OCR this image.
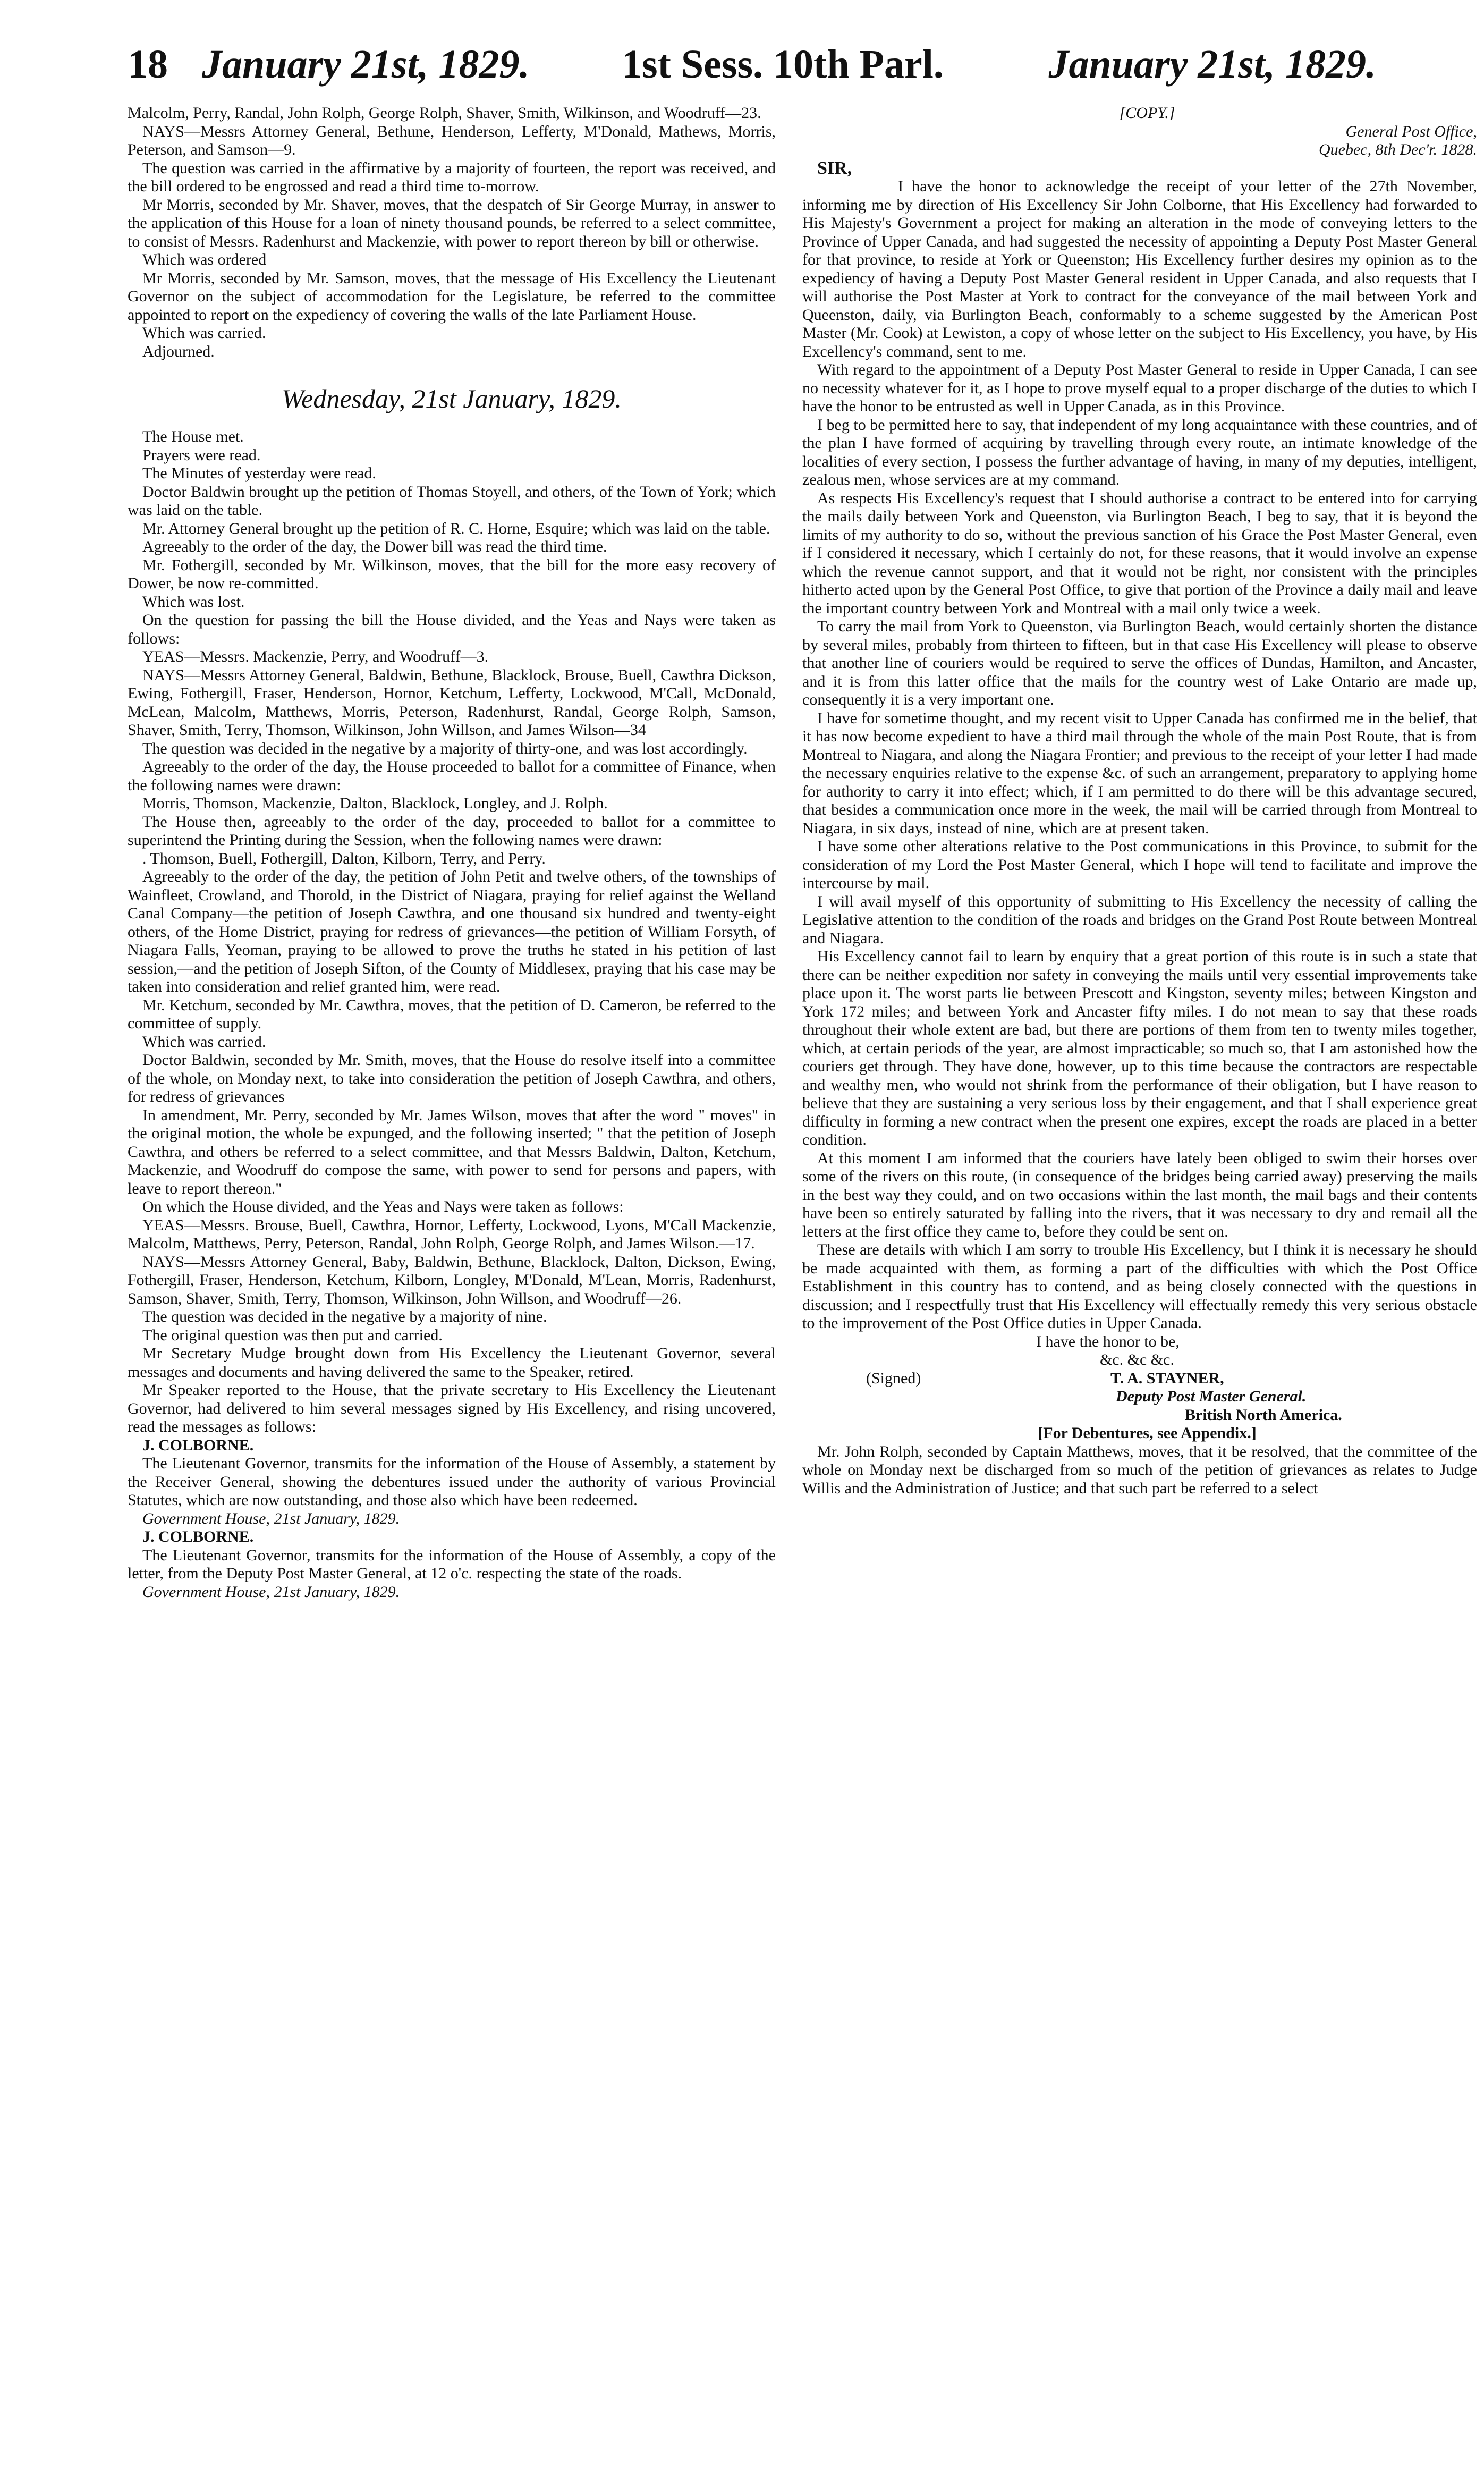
18 January 21st, 1829. 1st Sess. 10th Parl.	January 21st, 1829.

Malcolm, Perry, Randal, John Rolph, George Rolph, Shaver, Smith, Wilkinson, and Woodruff—23.

NAYS—Messrs Attorney General, Bethune, Henderson, Lefferty, M'Donald, Mathews, Morris, Peterson, and Samson—9.

The question was carried in the affirmative by a majority of fourteen, the report was received, and the bill ordered to be engrossed and read a third time to-morrow.

Mr Morris, seconded by Mr. Shaver, moves, that the despatch of Sir George Murray, in answer to the application of this House for a loan of ninety thousand pounds, be referred to a select committee, to consist of Messrs. Radenhurst and Mackenzie, with power to report thereon by bill or otherwise.

Which was ordered

Mr Morris, seconded by Mr. Samson, moves, that the message of His Excellency the Lieutenant Governor on the subject of accommodation for the Legislature, be referred to the committee appointed to report on the expediency of covering the walls of the late Parliament House.

Which was carried.

Adjourned.

Wednesday, 21st January, 1829.

The House met.

Prayers were read.

The Minutes of yesterday were read.

Doctor Baldwin brought up the petition of Thomas Stoyell, and others, of the Town of York; which was laid on the table.

Mr. Attorney General brought up the petition of R. C. Horne, Esquire; which was laid on the table.

Agreeably to the order of the day, the Dower bill was read the third time.

Mr. Fothergill, seconded by Mr. Wilkinson, moves, that the bill for the more easy recovery of Dower, be now re-committed.

Which was lost.

On the question for passing the bill the House divided, and the Yeas and Nays were taken as follows:

YEAS—Messrs. Mackenzie, Perry, and Woodruff—3.

NAYS—Messrs Attorney General, Baldwin, Bethune, Blacklock, Brouse, Buell, Cawthra Dickson, Ewing, Fothergill, Fraser, Henderson, Hornor, Ketchum, Lefferty, Lockwood, M'Call, McDonald, McLean, Malcolm, Matthews, Morris, Peterson, Radenhurst, Randal, George Rolph, Samson, Shaver, Smith, Terry, Thomson, Wilkinson, John Willson, and James Wilson—34

The question was decided in the negative by a majority of thirty-one, and was lost accordingly.

Agreeably to the order of the day, the House proceeded to ballot for a committee of Finance, when the following names were drawn:

Morris, Thomson, Mackenzie, Dalton, Blacklock, Longley, and J. Rolph.

The House then, agreeably to the order of the day, proceeded to ballot for a committee to superintend the Printing during the Session, when the following names were drawn:

. Thomson, Buell, Fothergill, Dalton, Kilborn, Terry, and Perry.

Agreeably to the order of the day, the petition of John Petit and twelve others, of the townships of Wainfleet, Crowland, and Thorold, in the District of Niagara, praying for relief against the Welland Canal Company—the petition of Joseph Cawthra, and one thousand six hundred and twenty-eight others, of the Home District, praying for redress of grievances—the petition of William Forsyth, of Niagara Falls, Yeoman, praying to be allowed to prove the truths he stated in his petition of last session,—and the petition of Joseph Sifton, of the County of Middlesex, praying that his case may be taken into consideration and relief granted him, were read.

Mr. Ketchum, seconded by Mr. Cawthra, moves, that the petition of D. Cameron, be referred to the committee of supply.

Which was carried.

Doctor Baldwin, seconded by Mr. Smith, moves, that the House do resolve itself into a committee of the whole, on Monday next, to take into consideration the petition of Joseph Cawthra, and others, for redress of grievances

In amendment, Mr. Perry, seconded by Mr. James Wilson, moves that after the word " moves" in the original motion, the whole be expunged, and the following inserted; " that the petition of Joseph Cawthra, and others be referred to a select committee, and that Messrs Baldwin, Dalton, Ketchum, Mackenzie, and Woodruff do compose the same, with power to send for persons and papers, with leave to report thereon."

On which the House divided, and the Yeas and Nays were taken as follows:

YEAS—Messrs. Brouse, Buell, Cawthra, Hornor, Lefferty, Lockwood, Lyons, M'Call Mackenzie, Malcolm, Matthews, Perry, Peterson, Randal, John Rolph, George Rolph, and James Wilson.—17.

NAYS—Messrs Attorney General, Baby, Baldwin, Bethune, Blacklock, Dalton, Dickson, Ewing, Fothergill, Fraser, Henderson, Ketchum, Kilborn, Longley, M'Donald, M'Lean, Morris, Radenhurst, Samson, Shaver, Smith, Terry, Thomson, Wilkinson, John Willson, and Woodruff—26.

The question was decided in the negative by a majority of nine.

The original question was then put and carried.

Mr Secretary Mudge brought down from His Excellency the Lieutenant Governor, several messages and documents and having delivered the same to the Speaker, retired.

Mr Speaker reported to the House, that the private secretary to His Excellency the Lieutenant Governor, had delivered to him several messages signed by His Excellency, and rising uncovered, read the messages as follows:

J. COLBORNE.

The Lieutenant Governor, transmits for the information of the House of Assembly, a statement by the Receiver General, showing the debentures issued under the authority of various Provincial Statutes, which are now outstanding, and those also which have been redeemed.

Government House, 21st January, 1829.

J. COLBORNE.

The Lieutenant Governor, transmits for the information of the House of Assembly, a copy of the letter, from the Deputy Post Master General, at 12 o'c. respecting the state of the roads.

Government House, 21st January, 1829.

[COPY.]

General Post Office,

Quebec, 8th Dec'r. 1828.

SIR,

I have the honor to acknowledge the receipt of your letter of the 27th November, informing me by direction of His Excellency Sir John Colborne, that His Excellency had forwarded to His Majesty's Government a project for making an alteration in the mode of conveying letters to the Province of Upper Canada, and had suggested the necessity of appointing a Deputy Post Master General for that province, to reside at York or Queenston; His Excellency further desires my opinion as to the expediency of having a Deputy Post Master General resident in Upper Canada, and also requests that I will authorise the Post Master at York to contract for the conveyance of the mail between York and Queenston, daily, via Burlington Beach, conformably to a scheme suggested by the American Post Master (Mr. Cook) at Lewiston, a copy of whose letter on the subject to His Excellency, you have, by His Excellency's command, sent to me.

With regard to the appointment of a Deputy Post Master General to reside in Upper Canada, I can see no necessity whatever for it, as I hope to prove myself equal to a proper discharge of the duties to which I have the honor to be entrusted as well in Upper Canada, as in this Province.

I beg to be permitted here to say, that independent of my long acquaintance with these countries, and of the plan I have formed of acquiring by travelling through every route, an intimate knowledge of the localities of every section, I possess the further advantage of having, in many of my deputies, intelligent, zealous men, whose services are at my command.

As respects His Excellency's request that I should authorise a contract to be entered into for carrying the mails daily between York and Queenston, via Burlington Beach, I beg to say, that it is beyond the limits of my authority to do so, without the previous sanction of his Grace the Post Master General, even if I considered it necessary, which I certainly do not, for these reasons, that it would involve an expense which the revenue cannot support, and that it would not be right, nor consistent with the principles hitherto acted upon by the General Post Office, to give that portion of the Province a daily mail and leave the important country between York and Montreal with a mail only twice a week.

To carry the mail from York to Queenston, via Burlington Beach, would certainly shorten the distance by several miles, probably from thirteen to fifteen, but in that case His Excellency will please to observe that another line of couriers would be required to serve the offices of Dundas, Hamilton, and Ancaster, and it is from this latter office that the mails for the country west of Lake Ontario are made up, consequently it is a very important one.

I have for sometime thought, and my recent visit to Upper Canada has confirmed me in the belief, that it has now become expedient to have a third mail through the whole of the main Post Route, that is from Montreal to Niagara, and along the Niagara Frontier; and previous to the receipt of your letter I had made the necessary enquiries relative to the expense &c. of such an arrangement, preparatory to applying home for authority to carry it into effect; which, if I am permitted to do there will be this advantage secured, that besides a communication once more in the week, the mail will be carried through from Montreal to Niagara, in six days, instead of nine, which are at present taken.

I have some other alterations relative to the Post communications in this Province, to submit for the consideration of my Lord the Post Master General, which I hope will tend to facilitate and improve the intercourse by mail.

I will avail myself of this opportunity of submitting to His Excellency the necessity of calling the Legislative attention to the condition of the roads and bridges on the Grand Post Route between Montreal and Niagara.

His Excellency cannot fail to learn by enquiry that a great portion of this route is in such a state that there can be neither expedition nor safety in conveying the mails until very essential improvements take place upon it. The worst parts lie between Prescott and Kingston, seventy miles; between Kingston and York 172 miles; and between York and Ancaster fifty miles. I do not mean to say that these roads throughout their whole extent are bad, but there are portions of them from ten to twenty miles together, which, at certain periods of the year, are almost impracticable; so much so, that I am astonished how the couriers get through. They have done, however, up to this time because the contractors are respectable and wealthy men, who would not shrink from the performance of their obligation, but I have reason to believe that they are sustaining a very serious loss by their engagement, and that I shall experience great difficulty in forming a new contract when the present one expires, except the roads are placed in a better condition.

At this moment I am informed that the couriers have lately been obliged to swim their horses over some of the rivers on this route, (in consequence of the bridges being carried away) preserving the mails in the best way they could, and on two occasions within the last month, the mail bags and their contents have been so entirely saturated by falling into the rivers, that it was necessary to dry and remail all the letters at the first office they came to, before they could be sent on.

These are details with which I am sorry to trouble His Excellency, but I think it is necessary he should be made acquainted with them, as forming a part of the difficulties with which the Post Office Establishment in this country has to contend, and as being closely connected with the questions in discussion; and I respectfully trust that His Excellency will effectually remedy this very serious obstacle to the improvement of the Post Office duties in Upper Canada.

I have the honor to be,
&c. &c &c.
(Signed)	T. A. STAYNER,
Deputy Post Master General.
British North America.

[For Debentures, see Appendix.]

Mr. John Rolph, seconded by Captain Matthews, moves, that it be resolved, that the committee of the whole on Monday next be discharged from so much of the petition of grievances as relates to Judge Willis and the Administration of Justice; and that such part be referred to a select
